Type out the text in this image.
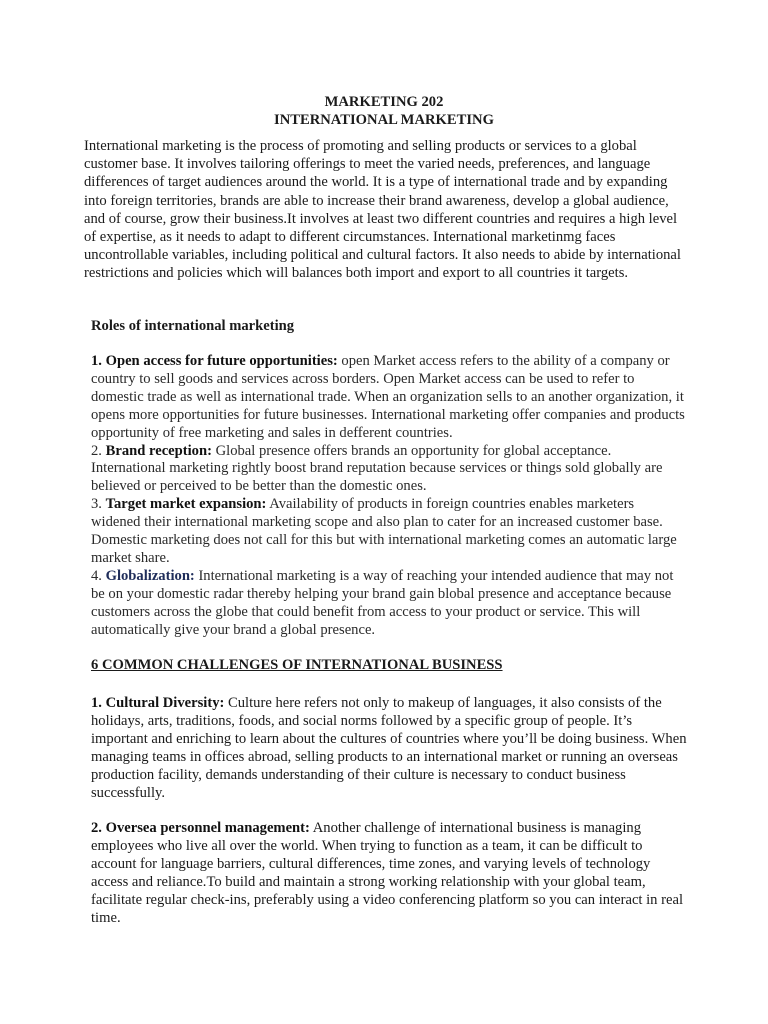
MARKETING 202
INTERNATIONAL MARKETING

International marketing is the process of promoting and selling products or services to a global customer base. It involves tailoring offerings to meet the varied needs, preferences, and language differences of target audiences around the world. It is a type of international trade and by expanding into foreign territories, brands are able to increase their brand awareness, develop a global audience, and of course, grow their business.It involves at least two different countries and requires a high level of expertise, as it needs to adapt to different circumstances. International marketinmg faces uncontrollable variables, including political and cultural factors. It also needs to abide by international restrictions and policies which will balances both import and export to all countries it targets.

Roles of international marketing

1. Open access for future opportunities: open Market access refers to the ability of a company or country to sell goods and services across borders. Open Market access can be used to refer to domestic trade as well as international trade. When an organization sells to an another organization, it opens more opportunities for future businesses. International marketing offer companies and products opportunity of free marketing and sales in defferent countries.
2. Brand reception: Global presence offers brands an opportunity for global acceptance. International marketing rightly boost brand reputation because services or things sold globally are believed or perceived to be better than the domestic ones.
3. Target market expansion: Availability of products in foreign countries enables marketers widened their international marketing scope and also plan to cater for an increased customer base. Domestic marketing does not call for this but with international marketing comes an automatic large market share.
4. Globalization: International marketing is a way of reaching your intended audience that may not be on your domestic radar thereby helping your brand gain blobal presence and acceptance because customers across the globe that could benefit from access to your product or service. This will automatically give your brand a global presence.

6 COMMON CHALLENGES OF INTERNATIONAL BUSINESS

1. Cultural Diversity: Culture here refers not only to makeup of languages, it also consists of the holidays, arts, traditions, foods, and social norms followed by a specific group of people. It’s important and enriching to learn about the cultures of countries where you’ll be doing business. When managing teams in offices abroad, selling products to an international market or running an overseas production facility, demands understanding of their culture is necessary to conduct business successfully.

2. Oversea personnel management: Another challenge of international business is managing employees who live all over the world. When trying to function as a team, it can be difficult to account for language barriers, cultural differences, time zones, and varying levels of technology access and reliance.To build and maintain a strong working relationship with your global team, facilitate regular check-ins, preferably using a video conferencing platform so you can interact in real time.
